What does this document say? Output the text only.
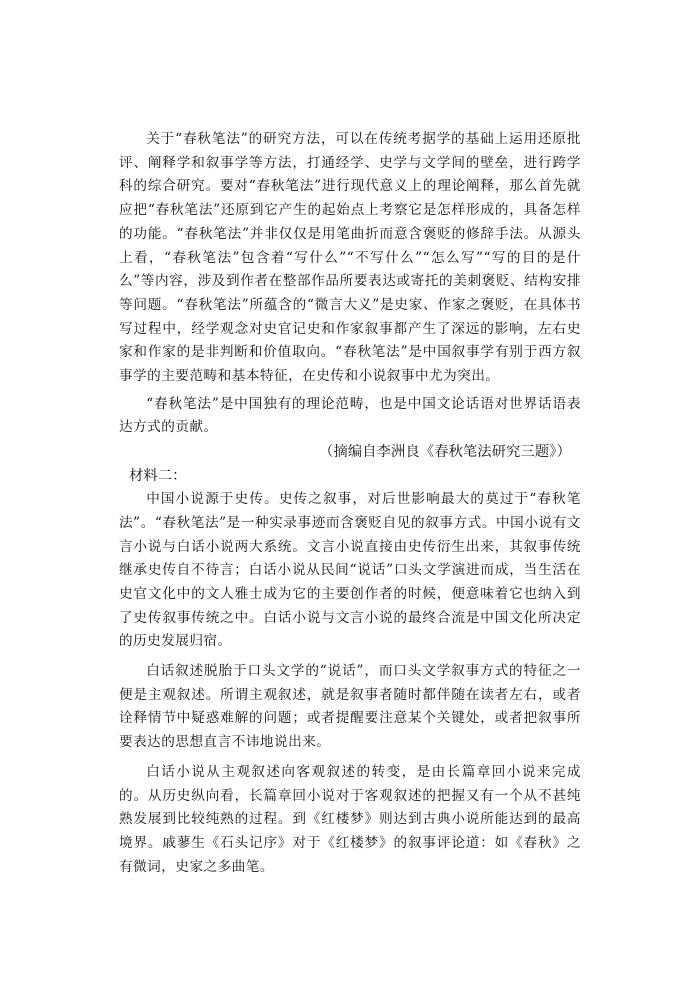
关于“春秋笔法”的研究方法，可以在传统考据学的基础上运用还原批评、阐释学和叙事学等方法，打通经学、史学与文学间的壁垒，进行跨学科的综合研究。要对“春秋笔法”进行现代意义上的理论阐释，那么首先就应把“春秋笔法”还原到它产生的起始点上考察它是怎样形成的，具备怎样的功能。“春秋笔法”并非仅仅是用笔曲折而意含褒贬的修辞手法。从源头上看，“春秋笔法”包含着“写什么”“不写什么”“怎么写”“写的目的是什么”等内容，涉及到作者在整部作品所要表达或寄托的美刺褒贬、结构安排等问题。“春秋笔法”所蕴含的“微言大义”是史家、作家之褒贬，在具体书写过程中，经学观念对史官记史和作家叙事都产生了深远的影响，左右史家和作家的是非判断和价值取向。“春秋笔法”是中国叙事学有别于西方叙事学的主要范畴和基本特征，在史传和小说叙事中尤为突出。

“春秋笔法”是中国独有的理论范畴，也是中国文论话语对世界话语表达方式的贡献。

（摘编自李洲良《春秋笔法研究三题》）

材料二：

中国小说源于史传。史传之叙事，对后世影响最大的莫过于“春秋笔法”。“春秋笔法”是一种实录事迹而含褒贬自见的叙事方式。中国小说有文言小说与白话小说两大系统。文言小说直接由史传衍生出来，其叙事传统继承史传自不待言；白话小说从民间“说话”口头文学演进而成，当生活在史官文化中的文人雅士成为它的主要创作者的时候，便意味着它也纳入到了史传叙事传统之中。白话小说与文言小说的最终合流是中国文化所决定的历史发展归宿。

白话叙述脱胎于口头文学的“说话”，而口头文学叙事方式的特征之一便是主观叙述。所谓主观叙述，就是叙事者随时都伴随在读者左右，或者诠释情节中疑惑难解的问题；或者提醒要注意某个关键处，或者把叙事所要表达的思想直言不讳地说出来。

白话小说从主观叙述向客观叙述的转变，是由长篇章回小说来完成的。从历史纵向看，长篇章回小说对于客观叙述的把握又有一个从不甚纯熟发展到比较纯熟的过程。到《红楼梦》则达到古典小说所能达到的最高境界。戚蓼生《石头记序》对于《红楼梦》的叙事评论道：如《春秋》之有微词，史家之多曲笔。
